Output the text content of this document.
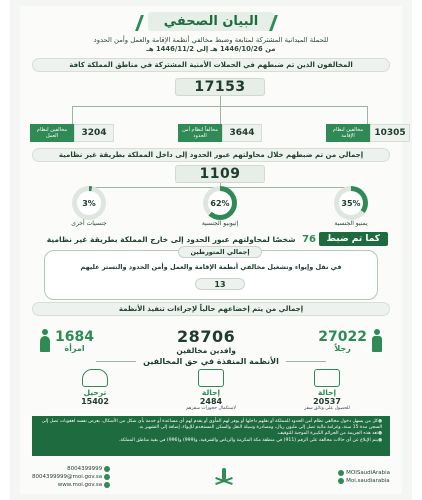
البيان الصحفي
للحملة الميدانية المشتركة لمتابعة وضبط مخالفي أنظمة الإقامة والعمل وأمن الحدود
من 1446/10/26 هـ إلى 1446/11/2 هـ
المخالفون الذين تم ضبطهم في الحملات الأمنية المشتركة في مناطق المملكة كافة
17153
10305
مخالفين لنظام الإقامة
3644
مخالفاً لنظام أمن الحدود
3204
مخالفين لنظام العمل
إجمالي من تم ضبطهم خلال محاولتهم عبور الحدود إلى داخل المملكة بطريقة غير نظامية
1109
35%
يمنيو الجنسية
62%
إثيوبيو الجنسية
3%
جنسيات أخرى
كما تم ضبط
76 شخصًا لمحاولتهم عبور الحدود إلى خارج المملكة بطريقة غير نظامية
إجمالي المتورطين
في نقل وإيواء وتشغيل مخالفي أنظمة الإقامة والعمل وأمن الحدود والتستر عليهم
13
إجمالي من يتم إخضاعهم حالياً لإجراءات تنفيذ الأنظمة
27022
رجلاً
28706
وافدين مخالفين
1684
امرأة
الأنظمة المنفذة في حق المخالفين
إحالة
20537
للحصول على وثائق سفر
إحالة
2484
لاستكمال حجوزات سفرهم
ترحيل
15402

● كل من يسهل دخول مخالفي نظام أمن الحدود للمملكة أو نقلهم داخلها أو يوفر لهم المأوى أو يقدم لهم أي مساعدة أو خدمة بأي شكل من الأشكال، يعرض نفسه لعقوبات تصل إلى السجن مدة 15 سنة، وغرامة مالية تصل إلى مليون ريال، ومصادرة وسيلة النقل والسكن المستخدم للإيواء، إضافة إلى التشهير به.

● تعد هذه الجريمة من الجرائم الكبيرة الموجبة للتوقيف.

● يتم الإبلاغ عن أي حالات مخالفة على الرقم (911) في منطقة مكة المكرمة والرياض والشرقية، و(999) و(996) في بقية مناطق المملكة.

MOISaudiArabia
Moi.saudiarabia
8004399999
8004399999@moi.gov.sa
www.moi.gov.sa
